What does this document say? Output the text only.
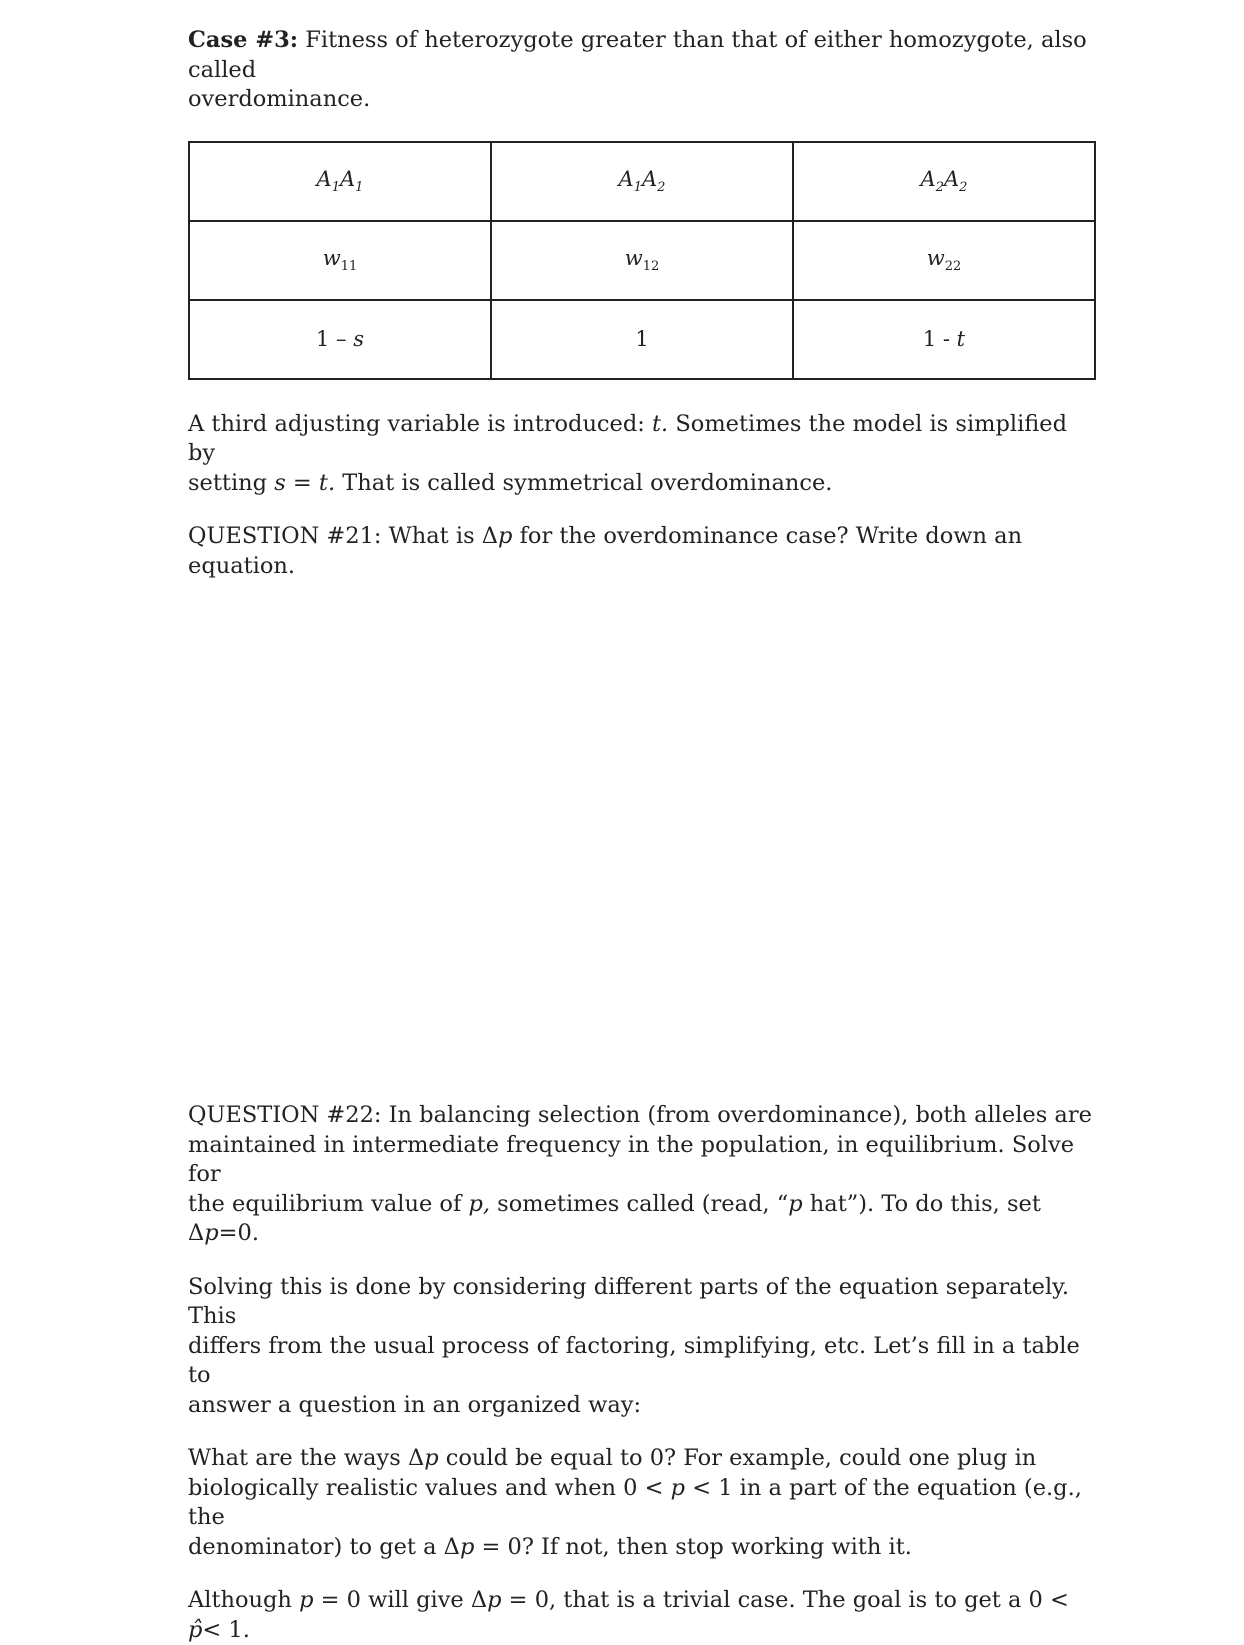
Case #3: Fitness of heterozygote greater than that of either homozygote, also called
overdominance.

$A_1A_1$	$A_1A_2$	$A_2A_2$
$w_{11}$	$w_{12}$	$w_{22}$
1 – s	1	1 - t

A third adjusting variable is introduced: t. Sometimes the model is simplified by
setting s = t. That is called symmetrical overdominance.

QUESTION #21: What is Δp for the overdominance case? Write down an equation.

QUESTION #22: In balancing selection (from overdominance), both alleles are
maintained in intermediate frequency in the population, in equilibrium. Solve for
the equilibrium value of p, sometimes called (read, “p hat”). To do this, set Δp=0.

Solving this is done by considering different parts of the equation separately. This
differs from the usual process of factoring, simplifying, etc. Let’s fill in a table to
answer a question in an organized way:

What are the ways Δp could be equal to 0? For example, could one plug in
biologically realistic values and when 0 < p < 1 in a part of the equation (e.g., the
denominator) to get a Δp = 0? If not, then stop working with it.

Although p = 0 will give Δp = 0, that is a trivial case. The goal is to get a 0 < p̂< 1.
